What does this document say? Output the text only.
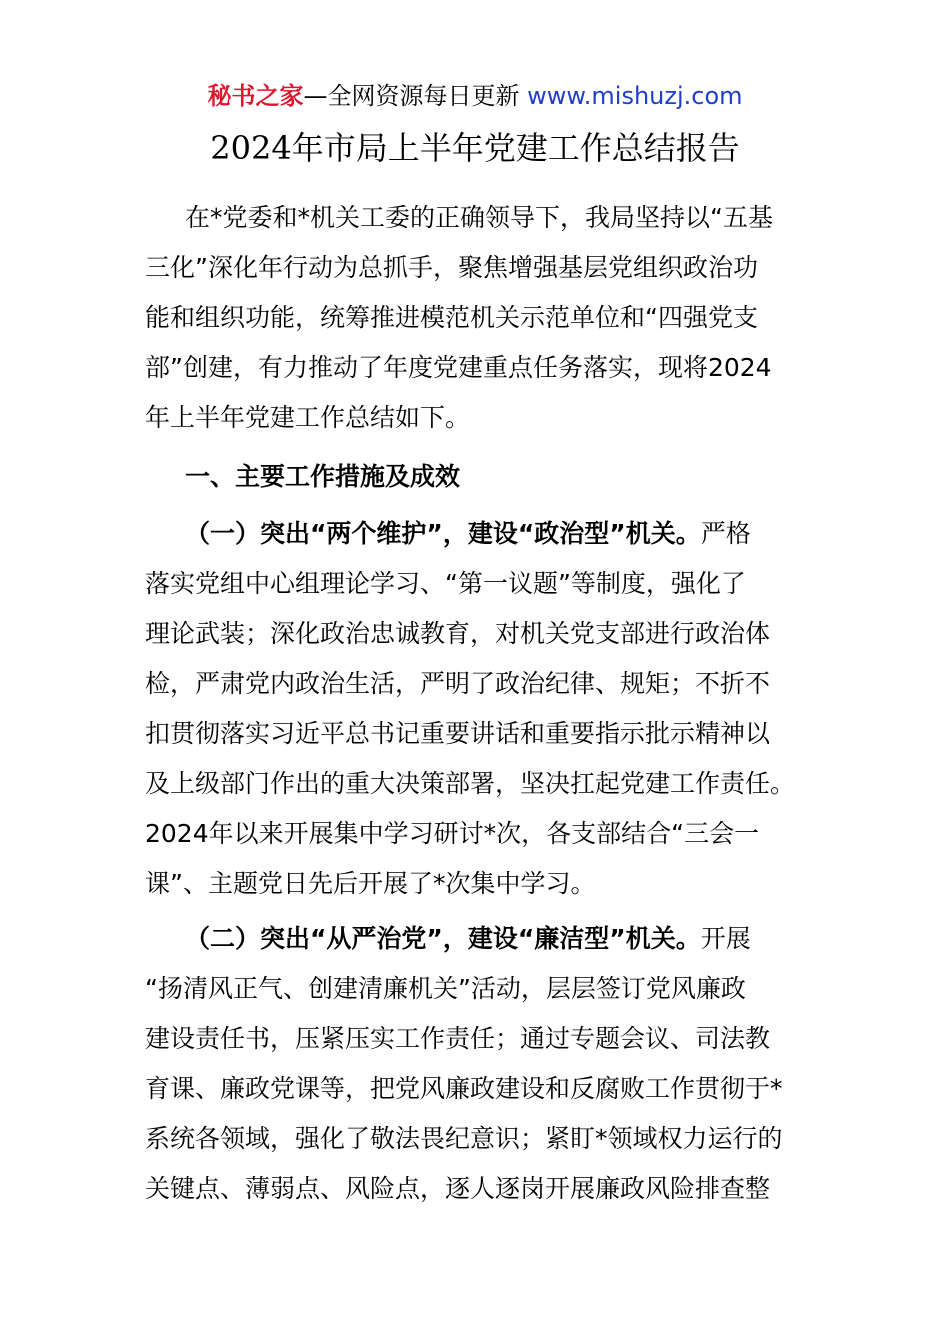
秘书之家—全网资源每日更新 www.mishuzj.com
2024年市局上半年党建工作总结报告
在*党委和*机关工委的正确领导下，我局坚持以“五基
三化”深化年行动为总抓手，聚焦增强基层党组织政治功
能和组织功能，统筹推进模范机关示范单位和“四强党支
部”创建，有力推动了年度党建重点任务落实，现将2024
年上半年党建工作总结如下。
一、主要工作措施及成效
（一）突出“两个维护”，建设“政治型”机关。严格
落实党组中心组理论学习、“第一议题”等制度，强化了
理论武装；深化政治忠诚教育，对机关党支部进行政治体
检，严肃党内政治生活，严明了政治纪律、规矩；不折不
扣贯彻落实习近平总书记重要讲话和重要指示批示精神以
及上级部门作出的重大决策部署，坚决扛起党建工作责任。
2024年以来开展集中学习研讨*次，各支部结合“三会一
课”、主题党日先后开展了*次集中学习。
（二）突出“从严治党”，建设“廉洁型”机关。开展
“扬清风正气、创建清廉机关”活动，层层签订党风廉政
建设责任书，压紧压实工作责任；通过专题会议、司法教
育课、廉政党课等，把党风廉政建设和反腐败工作贯彻于*
系统各领域，强化了敬法畏纪意识；紧盯*领域权力运行的
关键点、薄弱点、风险点，逐人逐岗开展廉政风险排查整
